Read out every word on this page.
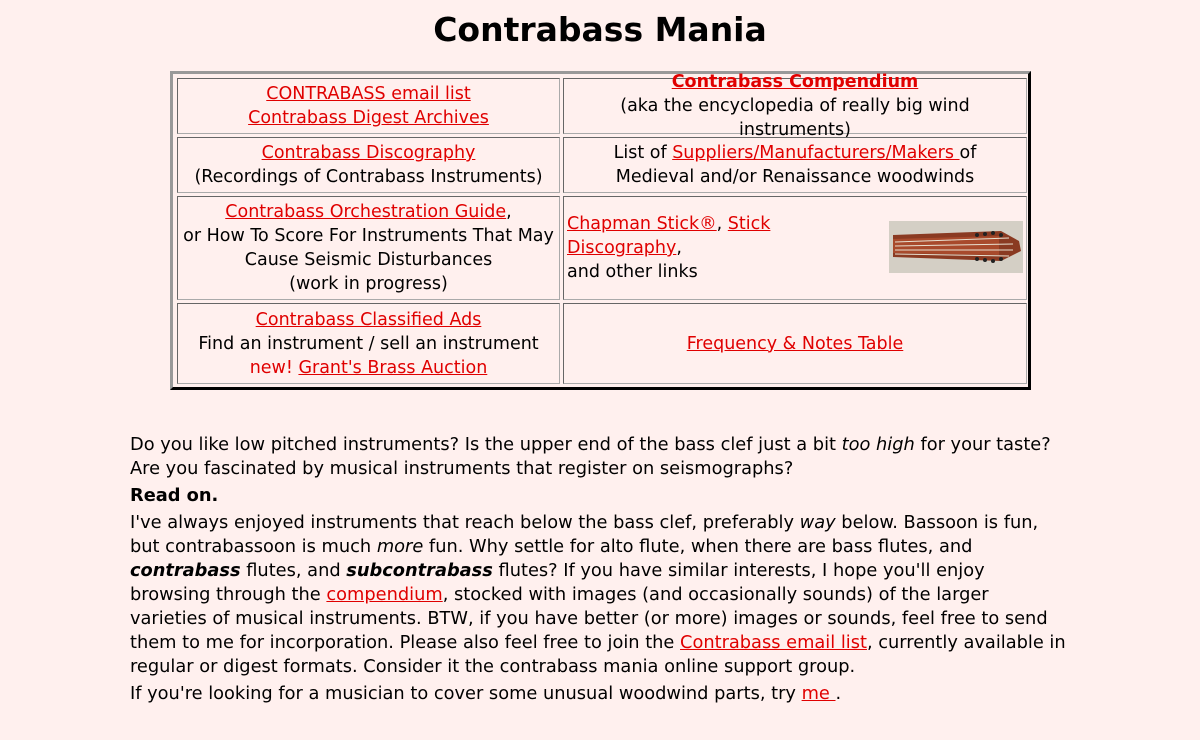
Contrabass Mania
CONTRABASS email list
Contrabass Digest Archives
Contrabass Compendium
(aka the encyclopedia of really big wind instruments)
Contrabass Discography
(Recordings of Contrabass Instruments)
List of Suppliers/Manufacturers/Makers of
Medieval and/or Renaissance woodwinds
Contrabass Orchestration Guide,
or How To Score For Instruments That May
Cause Seismic Disturbances
(work in progress)
Chapman Stick®, Stick Discography,
and other links
Contrabass Classified Ads
Find an instrument / sell an instrument
new! Grant's Brass Auction
Frequency & Notes Table

Do you like low pitched instruments? Is the upper end of the bass clef just a bit too high for your taste? Are you fascinated by musical instruments that register on seismographs?

Read on.

I've always enjoyed instruments that reach below the bass clef, preferably way below. Bassoon is fun, but contrabassoon is much more fun. Why settle for alto flute, when there are bass flutes, and contrabass flutes, and subcontrabass flutes? If you have similar interests, I hope you'll enjoy browsing through the compendium, stocked with images (and occasionally sounds) of the larger varieties of musical instruments. BTW, if you have better (or more) images or sounds, feel free to send them to me for incorporation. Please also feel free to join the Contrabass email list, currently available in regular or digest formats. Consider it the contrabass mania online support group.

If you're looking for a musician to cover some unusual woodwind parts, try me .
